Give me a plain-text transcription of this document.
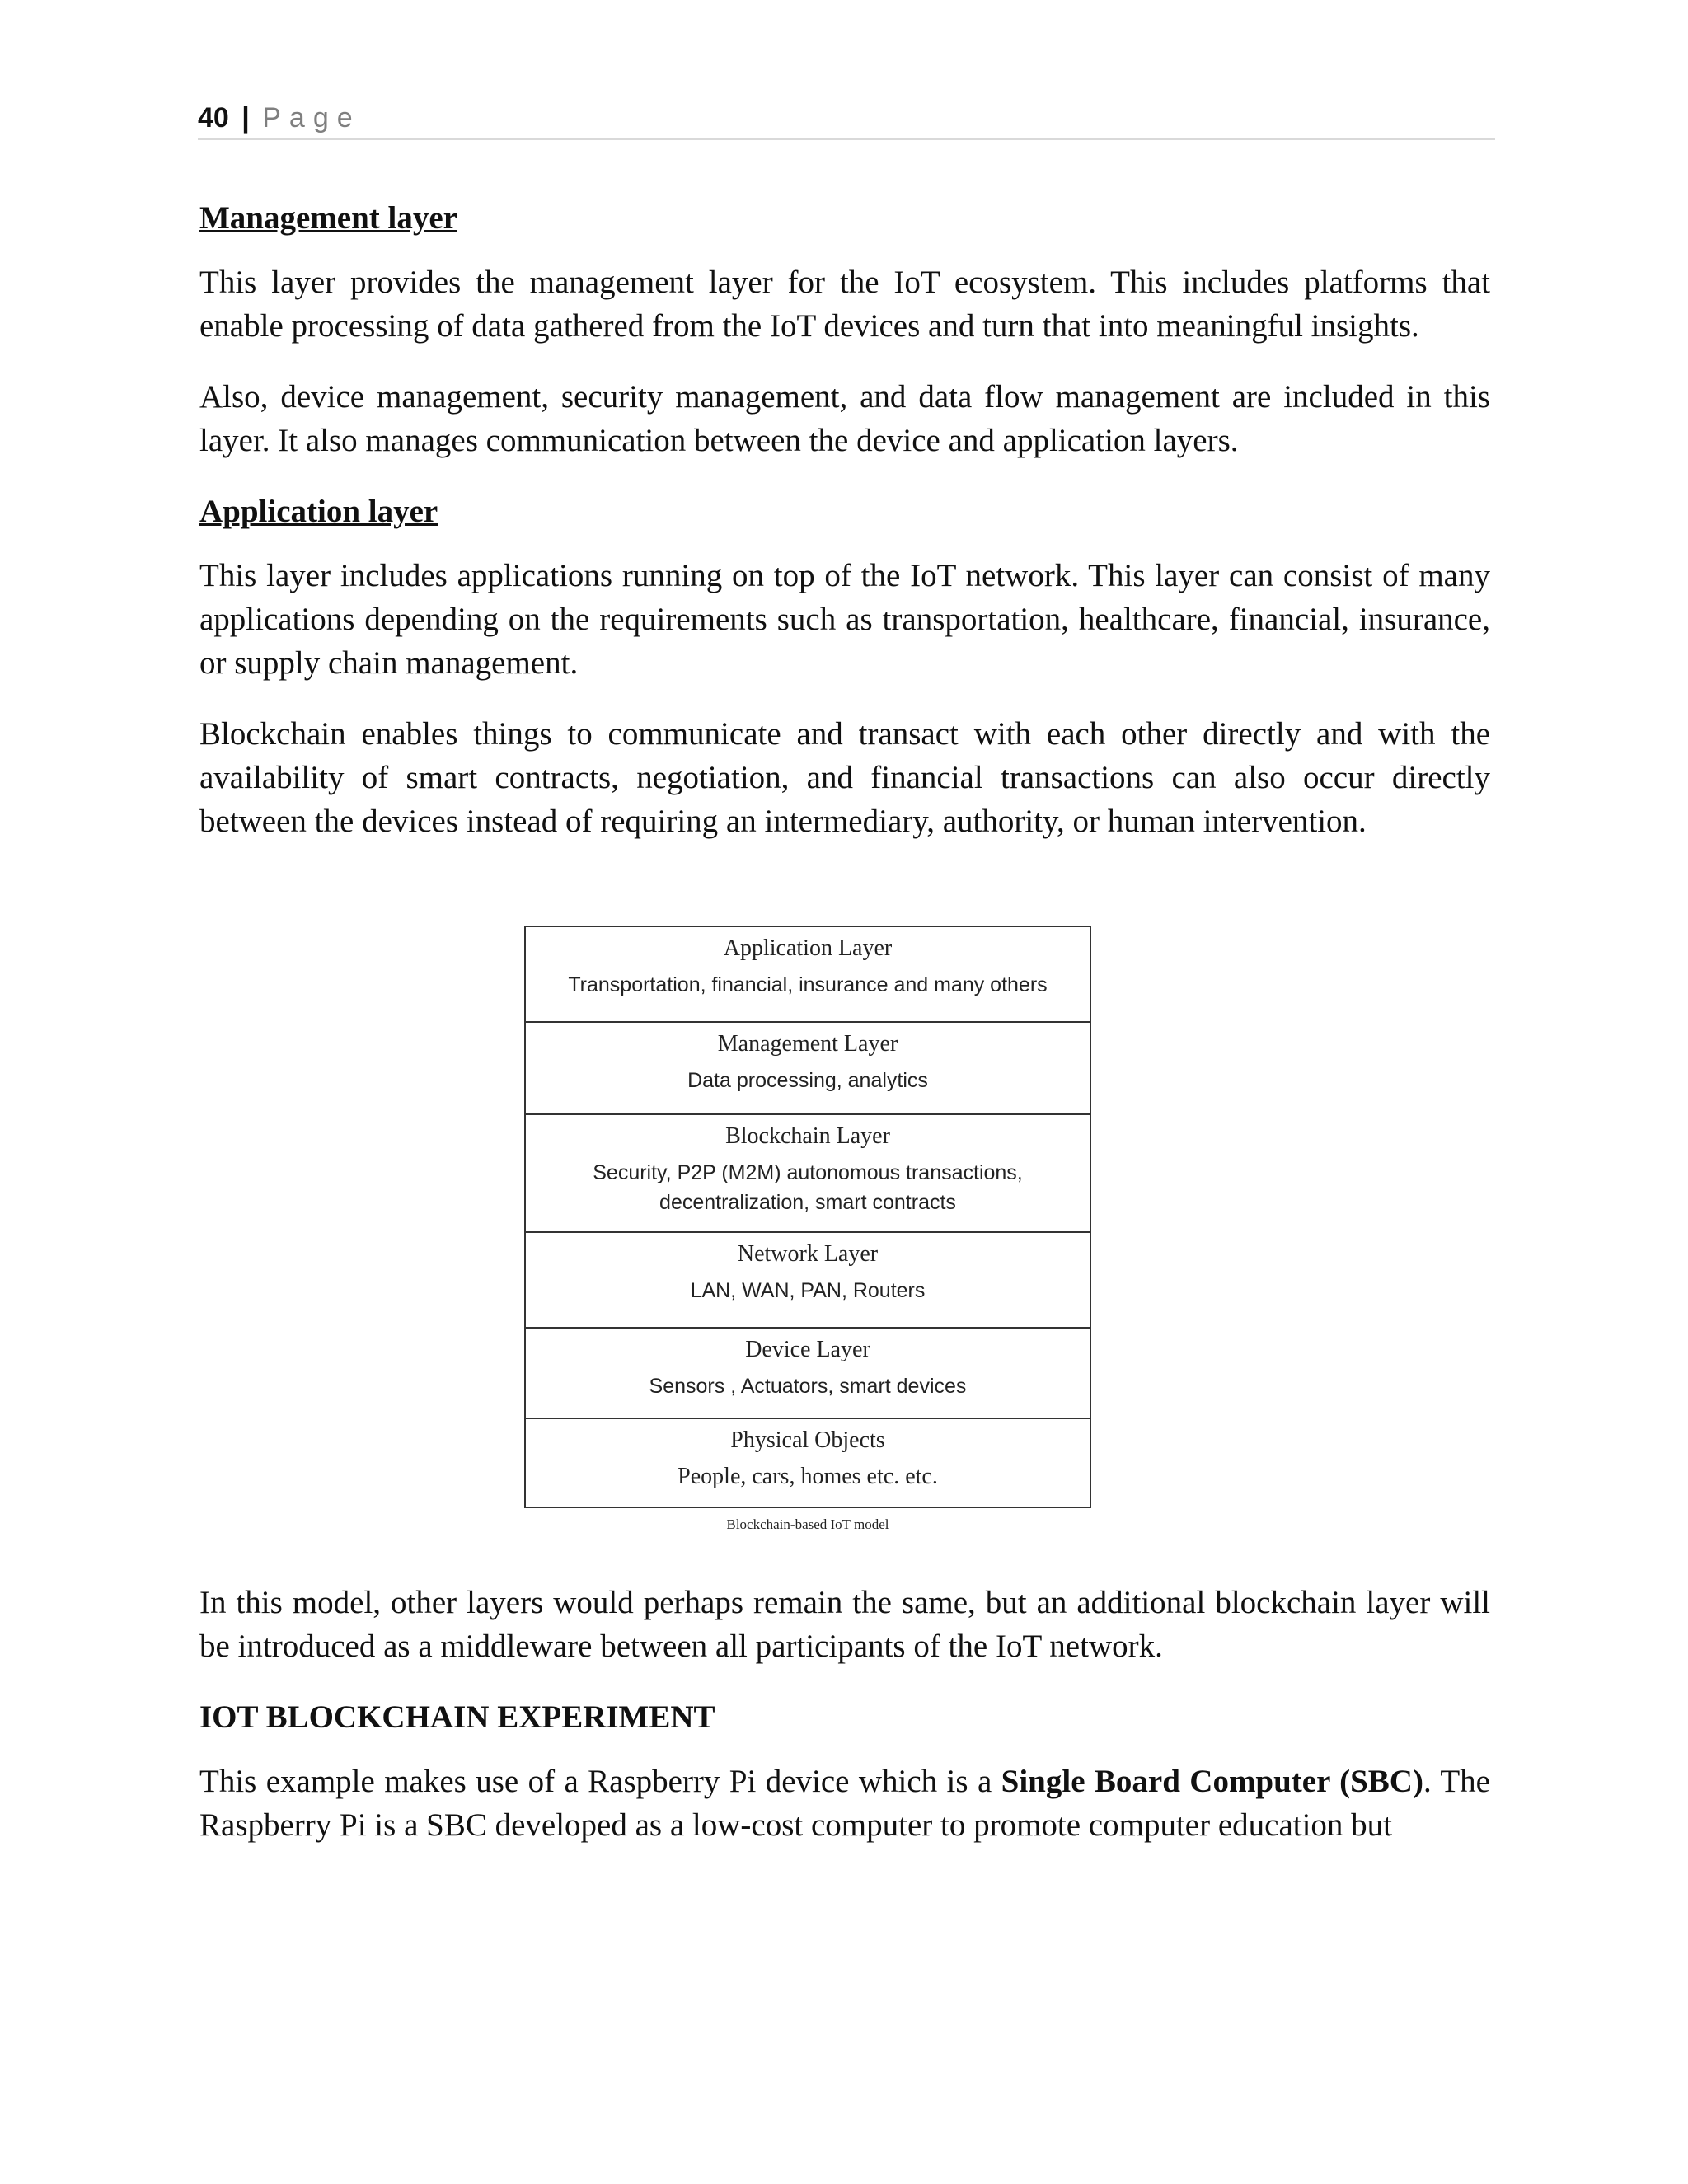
40 | Page
Management layer

This layer provides the management layer for the IoT ecosystem. This includes platforms that enable processing of data gathered from the IoT devices and turn that into meaningful insights.

Also, device management, security management, and data flow management are included in this layer. It also manages communication between the device and application layers.

Application layer

This layer includes applications running on top of the IoT network. This layer can consist of many applications depending on the requirements such as transportation, healthcare, financial, insurance, or supply chain management.

Blockchain enables things to communicate and transact with each other directly and with the availability of smart contracts, negotiation, and financial transactions can also occur directly between the devices instead of requiring an intermediary, authority, or human intervention.

Application Layer
Transportation, financial, insurance and many others
Management Layer
Data processing, analytics
Blockchain Layer
Security, P2P (M2M) autonomous transactions, decentralization, smart contracts
Network Layer
LAN, WAN, PAN, Routers
Device Layer
Sensors , Actuators, smart devices
Physical Objects
People, cars, homes etc. etc.
Blockchain-based IoT model

In this model, other layers would perhaps remain the same, but an additional blockchain layer will be introduced as a middleware between all participants of the IoT network.

IOT BLOCKCHAIN EXPERIMENT

This example makes use of a Raspberry Pi device which is a Single Board Computer (SBC). The Raspberry Pi is a SBC developed as a low-cost computer to promote computer education but
